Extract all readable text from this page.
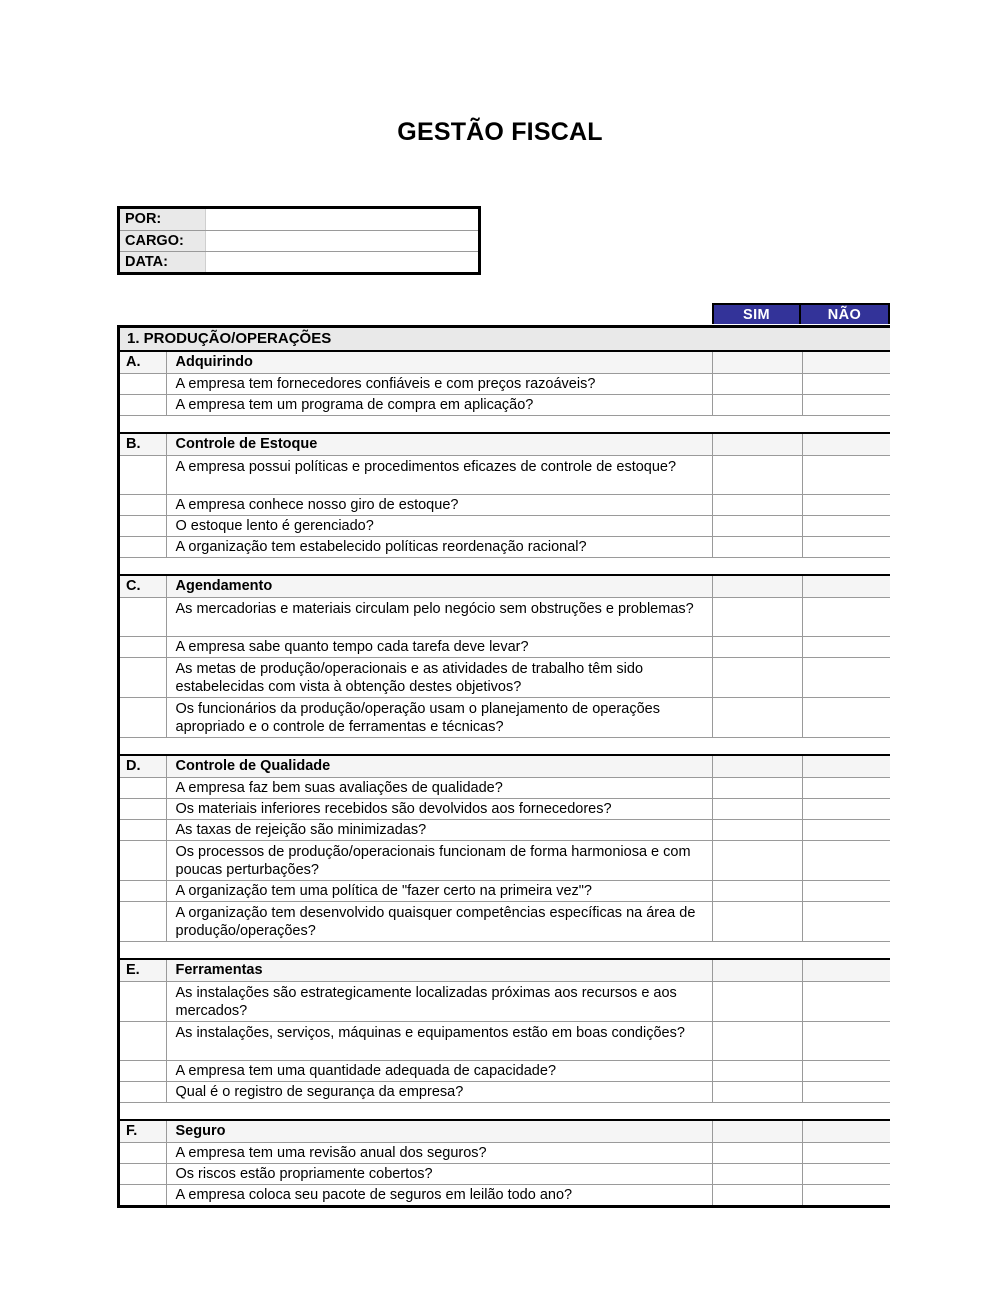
GESTÃO FISCAL
POR:	
CARGO:	
DATA:	
SIM	NÃO
1. PRODUÇÃO/OPERAÇÕES			
A.	Adquirindo		
	A empresa tem fornecedores confiáveis e com preços razoáveis?		
	A empresa tem um programa de compra em aplicação?		

B.	Controle de Estoque		
	A empresa possui políticas e procedimentos eficazes de controle de estoque?		
	A empresa conhece nosso giro de estoque?		
	O estoque lento é gerenciado?		
	A organização tem estabelecido políticas reordenação racional?		

C.	Agendamento		
	As mercadorias e materiais circulam pelo negócio sem obstruções e problemas?		
	A empresa sabe quanto tempo cada tarefa deve levar?		
	As metas de produção/operacionais e as atividades de trabalho têm sido estabelecidas com vista à obtenção destes objetivos?		
	Os funcionários da produção/operação usam o planejamento de operações apropriado e o controle de ferramentas e técnicas?		

D.	Controle de Qualidade		
	A empresa faz bem suas avaliações de qualidade?		
	Os materiais inferiores recebidos são devolvidos aos fornecedores?		
	As taxas de rejeição são minimizadas?		
	Os processos de produção/operacionais funcionam de forma harmoniosa e com poucas perturbações?		
	A organização tem uma política de "fazer certo na primeira vez"?		
	A organização tem desenvolvido quaisquer competências específicas na área de produção/operações?		

E.	Ferramentas		
	As instalações são estrategicamente localizadas próximas aos recursos e aos mercados?		
	As instalações, serviços, máquinas e equipamentos estão em boas condições?		
	A empresa tem uma quantidade adequada de capacidade?		
	Qual é o registro de segurança da empresa?		

F.	Seguro		
	A empresa tem uma revisão anual dos seguros?		
	Os riscos estão propriamente cobertos?		
	A empresa coloca seu pacote de seguros em leilão todo ano?		
